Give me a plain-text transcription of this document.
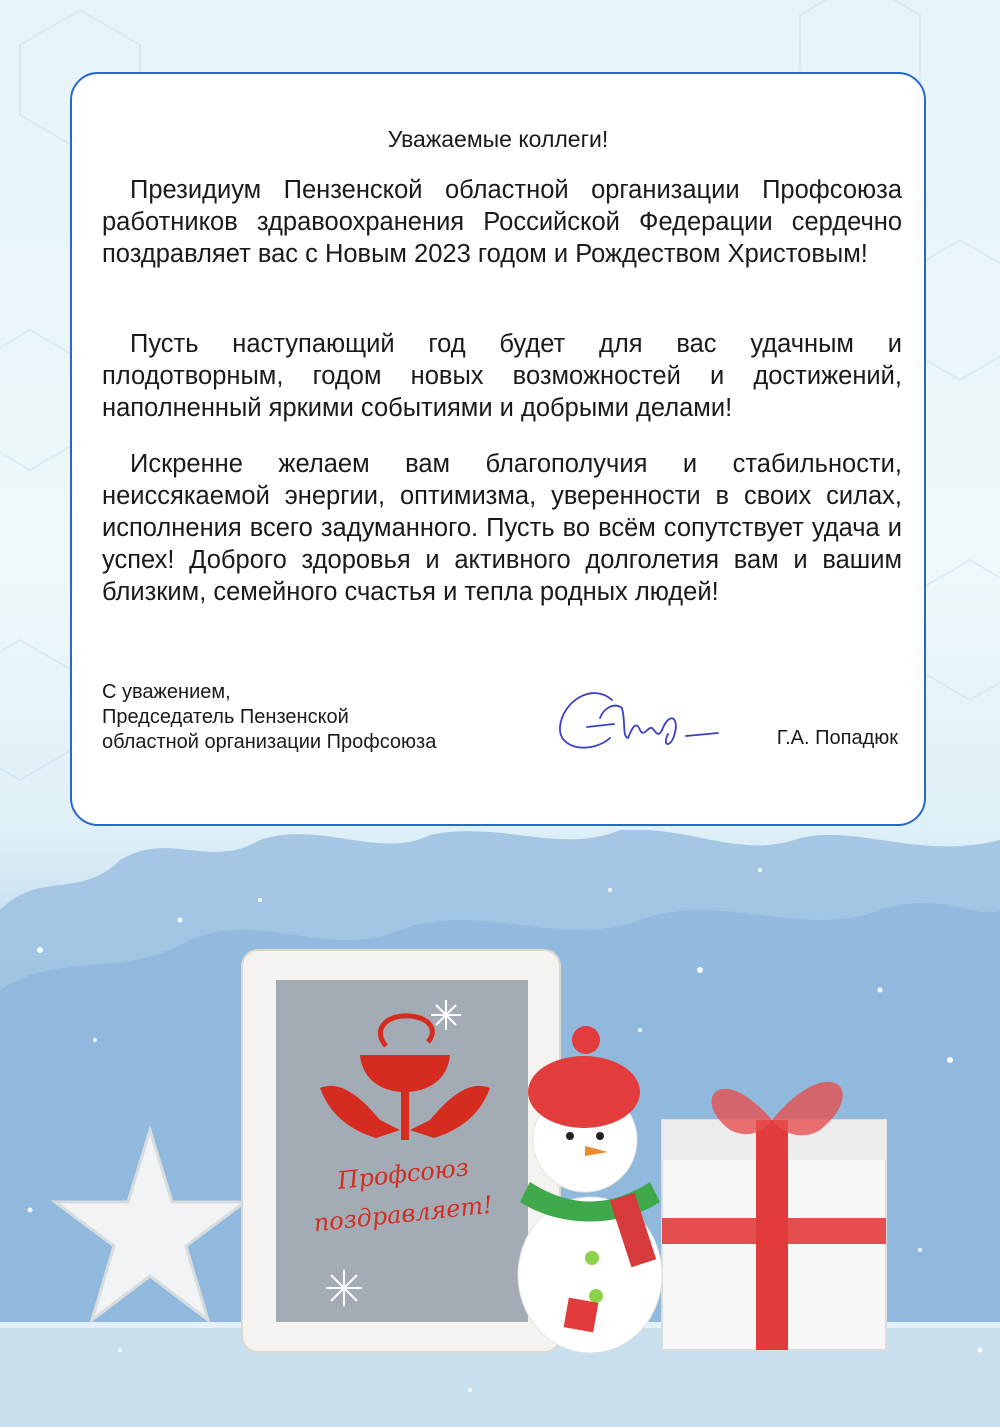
Уважаемые коллеги!

Президиум Пензенской областной организации Профсоюза работников здравоохранения Российской Федерации сердечно поздравляет вас с Новым 2023 годом и Рождеством Христовым!

Пусть наступающий год будет для вас удачным и плодотворным, годом новых возможностей и достижений, наполненный яркими событиями и добрыми делами!

Искренне желаем вам благополучия и стабильности, неиссякаемой энергии, оптимизма, уверенности в своих силах, исполнения всего задуманного. Пусть во всём сопутствует удача и успех! Доброго здоровья и активного долголетия вам и вашим близким, семейного счастья и тепла родных людей!

С уважением,
Председатель Пензенской
областной организации Профсоюза	Г.А. Попадюк
Профсоюз
поздравляет!
